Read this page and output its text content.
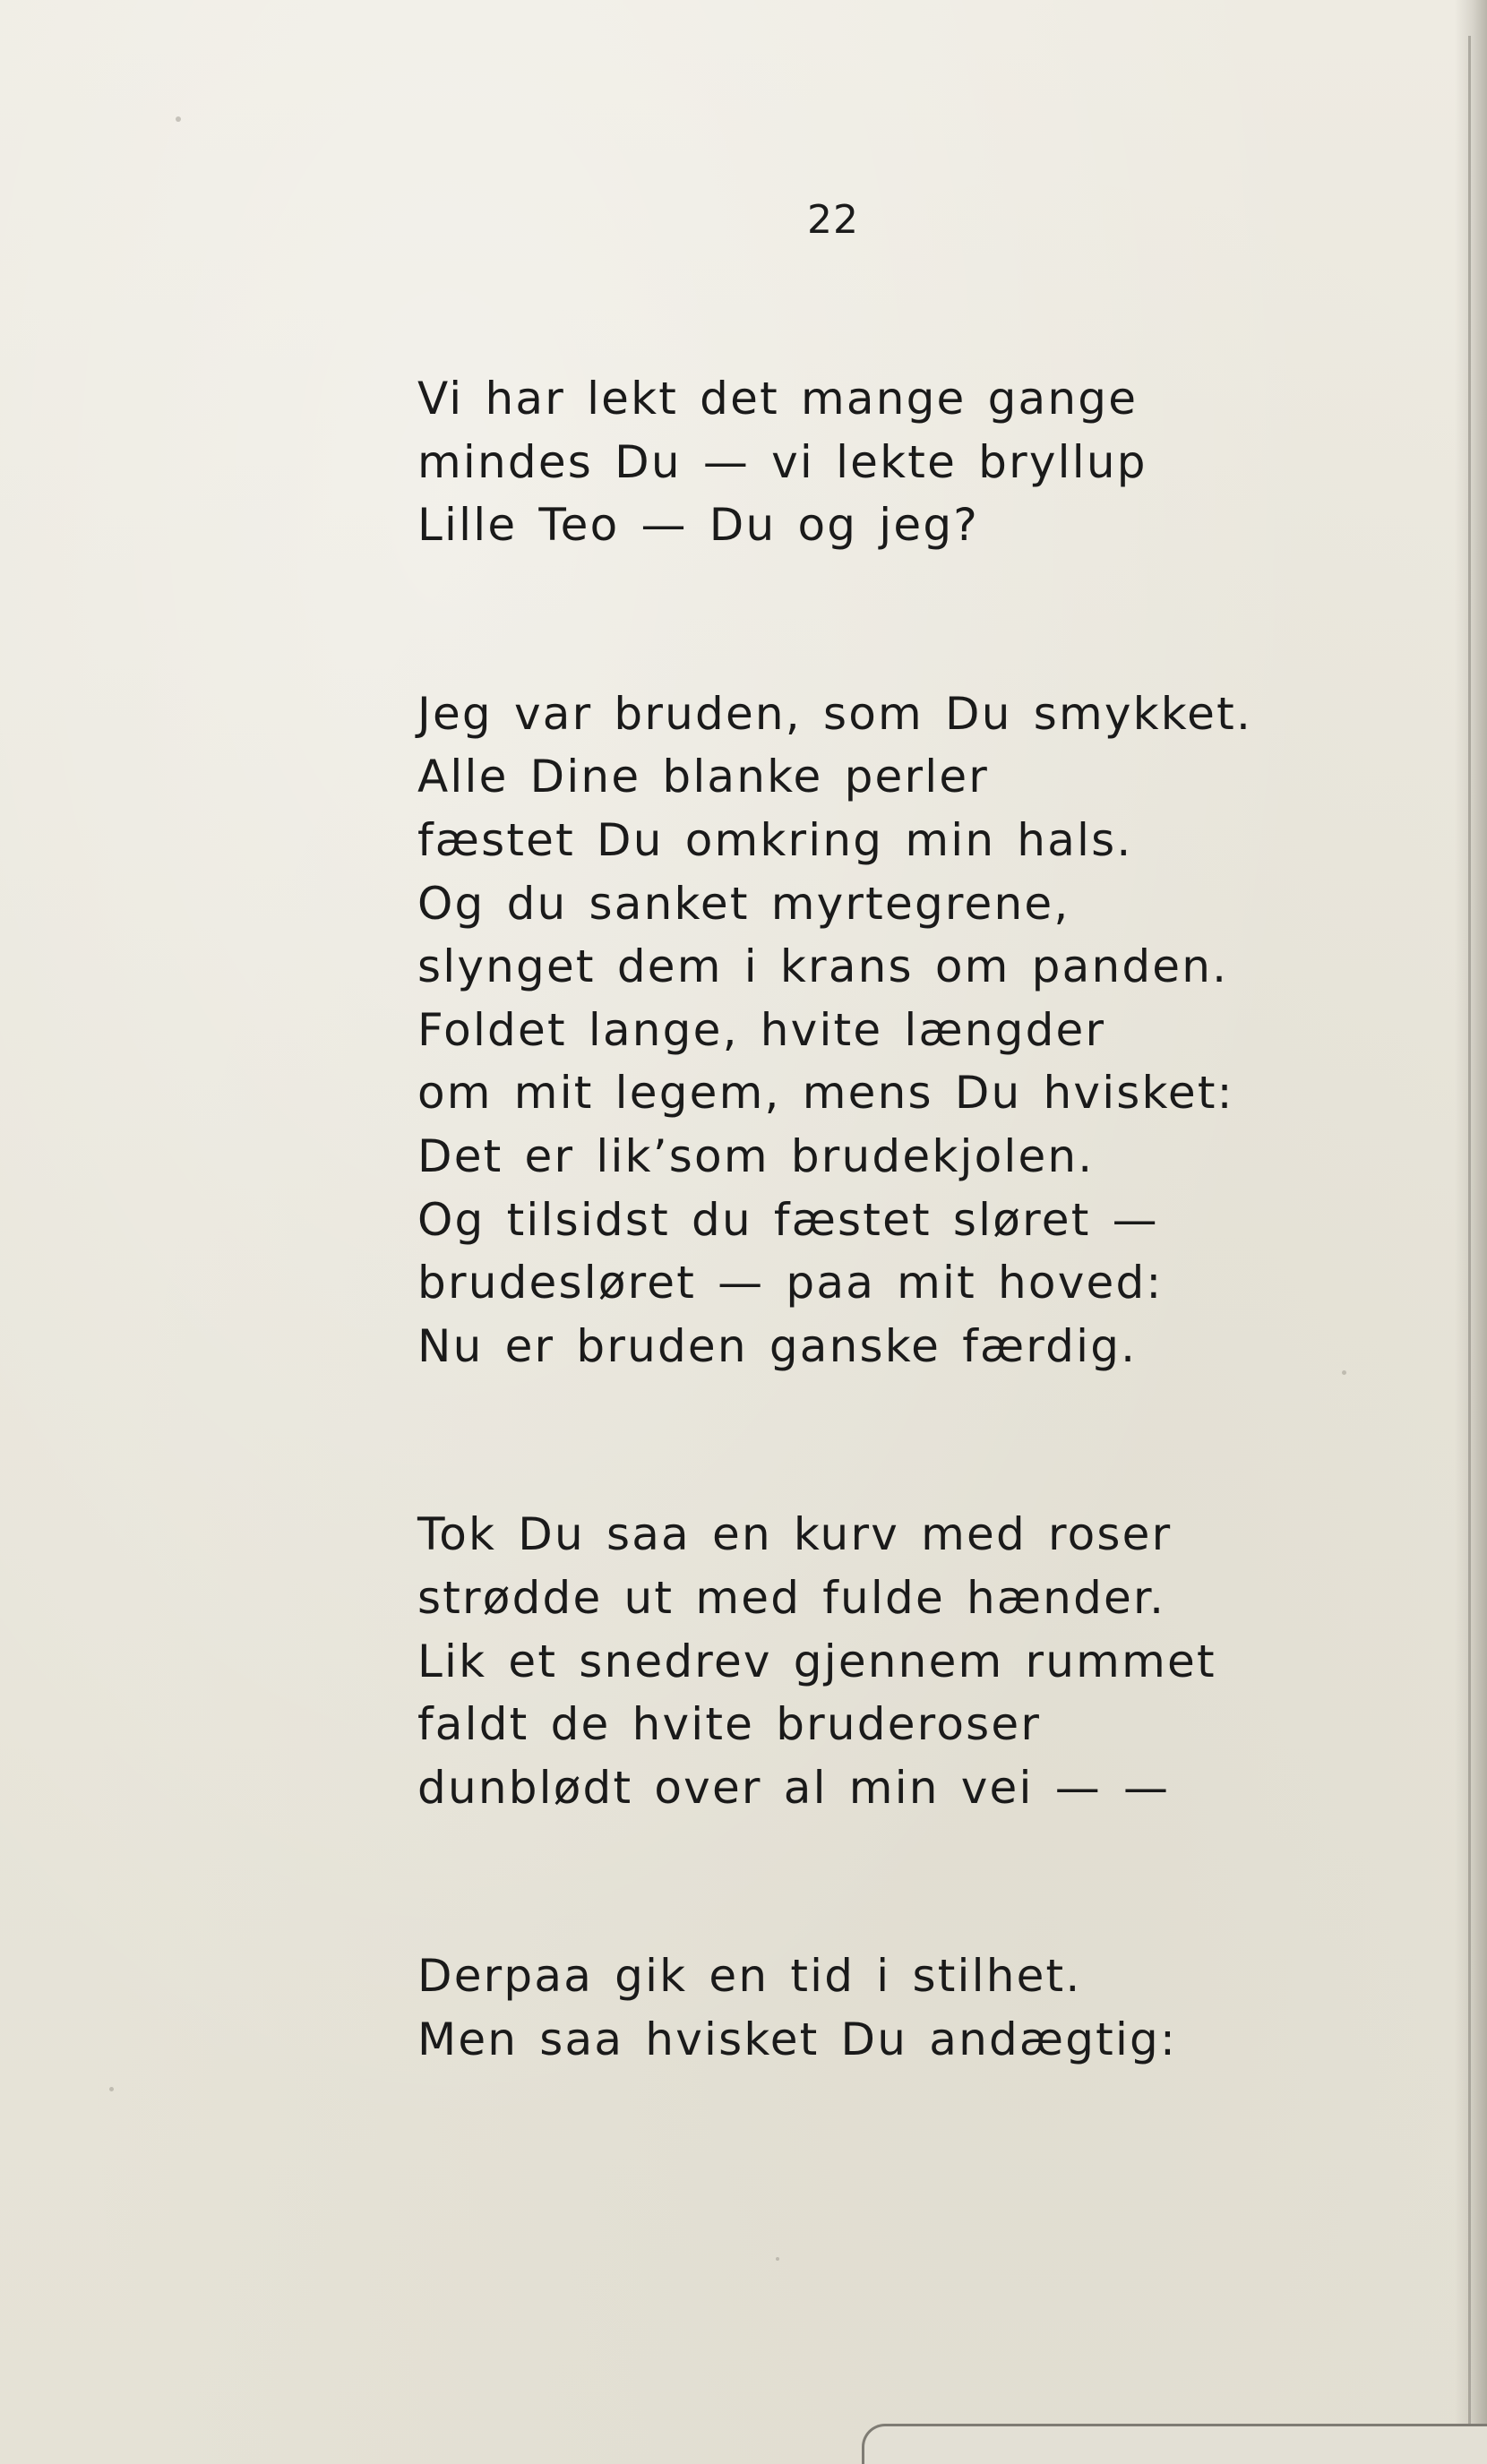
22

Vi har lekt det mange gange
mindes Du — vi lekte bryllup
Lille Teo — Du og jeg?

Jeg var bruden, som Du smykket.
Alle Dine blanke perler
fæstet Du omkring min hals.
Og du sanket myrtegrene,
slynget dem i krans om panden.
Foldet lange, hvite længder
om mit legem, mens Du hvisket:
Det er lik’som brudekjolen.
Og tilsidst du fæstet sløret —
brudesløret — paa mit hoved:
Nu er bruden ganske færdig.

Tok Du saa en kurv med roser
strødde ut med fulde hænder.
Lik et snedrev gjennem rummet
faldt de hvite bruderoser
dunblødt over al min vei — —

Derpaa gik en tid i stilhet.
Men saa hvisket Du andægtig:
